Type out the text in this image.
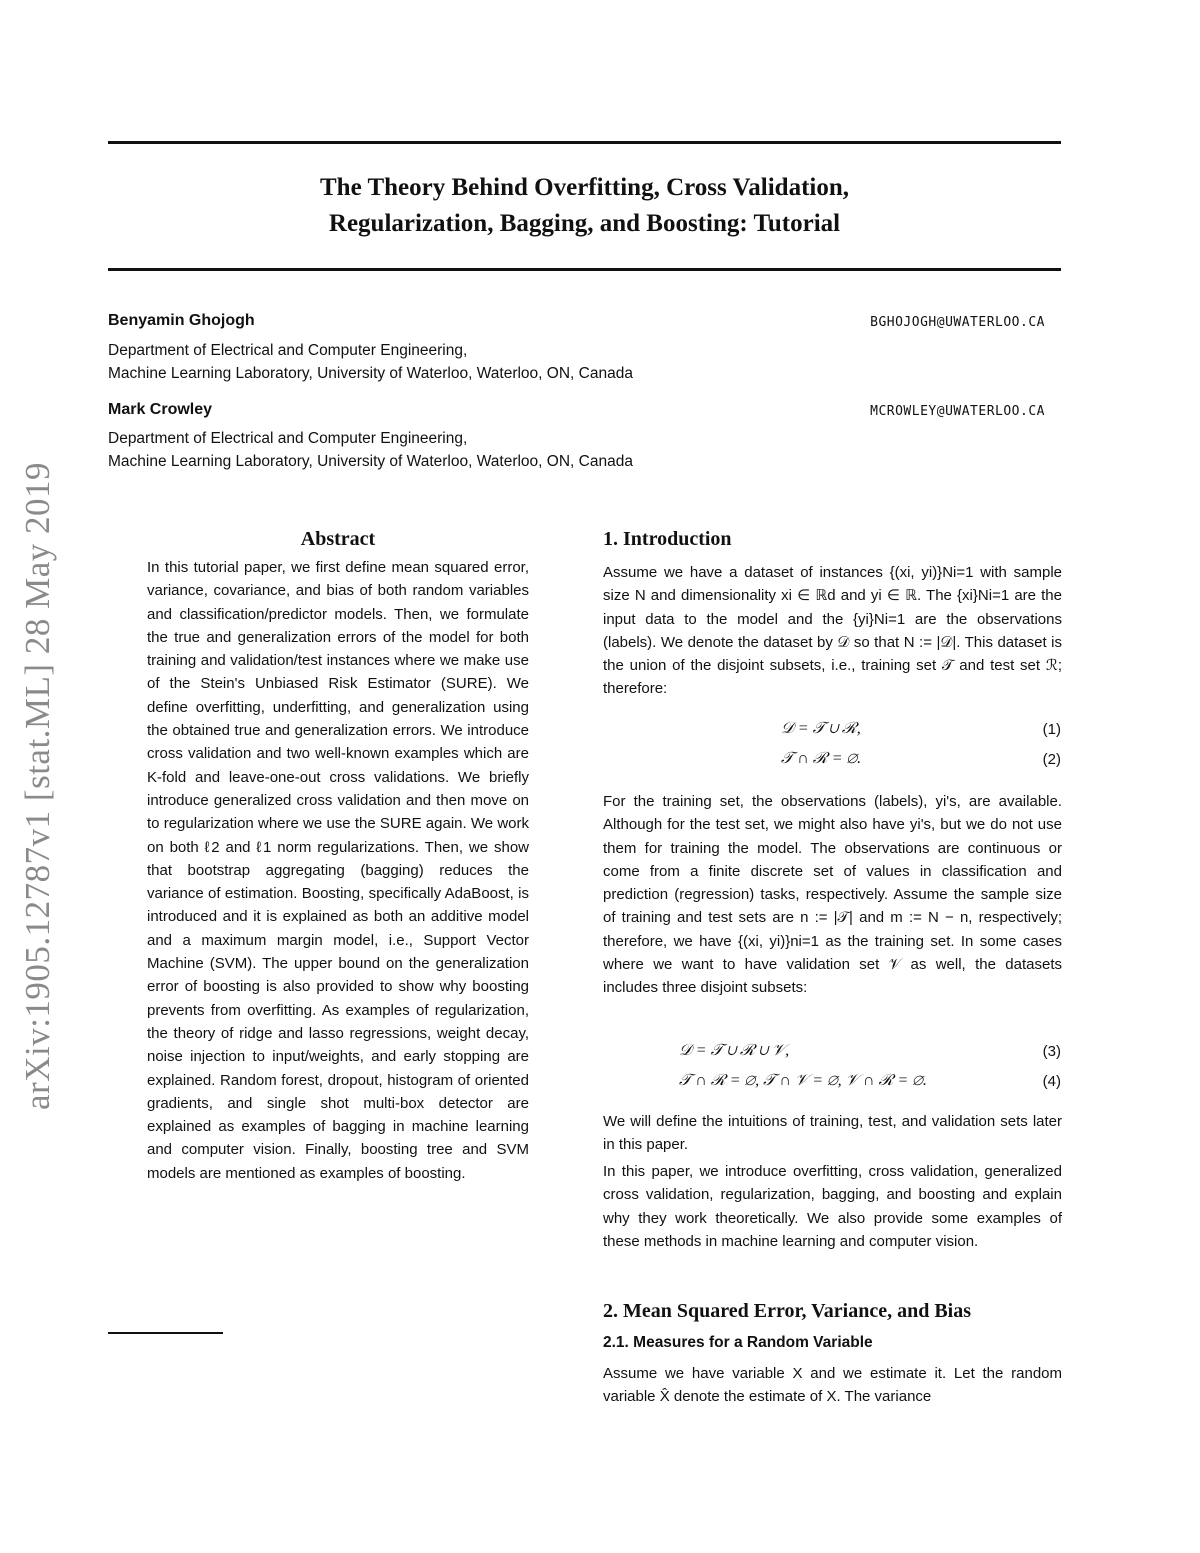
arXiv:1905.12787v1 [stat.ML] 28 May 2019
The Theory Behind Overfitting, Cross Validation,
Regularization, Bagging, and Boosting: Tutorial
Benyamin Ghojogh	BGHOJOGH@UWATERLOO.CA
Department of Electrical and Computer Engineering,
Machine Learning Laboratory, University of Waterloo, Waterloo, ON, Canada
Mark Crowley	MCROWLEY@UWATERLOO.CA
Department of Electrical and Computer Engineering,
Machine Learning Laboratory, University of Waterloo, Waterloo, ON, Canada
Abstract
In this tutorial paper, we first define mean squared error, variance, covariance, and bias of both random variables and classification/predictor models. Then, we formulate the true and generalization errors of the model for both training and validation/test instances where we make use of the Stein's Unbiased Risk Estimator (SURE). We define overfitting, underfitting, and generalization using the obtained true and generalization errors. We introduce cross validation and two well-known examples which are K-fold and leave-one-out cross validations. We briefly introduce generalized cross validation and then move on to regularization where we use the SURE again. We work on both ℓ2 and ℓ1 norm regularizations. Then, we show that bootstrap aggregating (bagging) reduces the variance of estimation. Boosting, specifically AdaBoost, is introduced and it is explained as both an additive model and a maximum margin model, i.e., Support Vector Machine (SVM). The upper bound on the generalization error of boosting is also provided to show why boosting prevents from overfitting. As examples of regularization, the theory of ridge and lasso regressions, weight decay, noise injection to input/weights, and early stopping are explained. Random forest, dropout, histogram of oriented gradients, and single shot multi-box detector are explained as examples of bagging in machine learning and computer vision. Finally, boosting tree and SVM models are mentioned as examples of boosting.
1. Introduction

Assume we have a dataset of instances {(xi, yi)}Ni=1 with sample size N and dimensionality xi ∈ ℝd and yi ∈ ℝ. The {xi}Ni=1 are the input data to the model and the {yi}Ni=1 are the observations (labels). We denote the dataset by 𝒟 so that N := |𝒟|. This dataset is the union of the disjoint subsets, i.e., training set 𝒯 and test set ℛ; therefore:

𝒟 = 𝒯 ∪ ℛ,	(1)
𝒯 ∩ ℛ = ∅.	(2)

For the training set, the observations (labels), yi's, are available. Although for the test set, we might also have yi's, but we do not use them for training the model. The observations are continuous or come from a finite discrete set of values in classification and prediction (regression) tasks, respectively. Assume the sample size of training and test sets are n := |𝒯| and m := N − n, respectively; therefore, we have {(xi, yi)}ni=1 as the training set. In some cases where we want to have validation set 𝒱 as well, the datasets includes three disjoint subsets:

𝒟 = 𝒯 ∪ ℛ ∪ 𝒱,	(3)
𝒯 ∩ ℛ = ∅, 𝒯 ∩ 𝒱 = ∅, 𝒱 ∩ ℛ = ∅.	(4)

We will define the intuitions of training, test, and validation sets later in this paper.

In this paper, we introduce overfitting, cross validation, generalized cross validation, regularization, bagging, and boosting and explain why they work theoretically. We also provide some examples of these methods in machine learning and computer vision.

2. Mean Squared Error, Variance, and Bias
2.1. Measures for a Random Variable

Assume we have variable X and we estimate it. Let the random variable X̂ denote the estimate of X. The variance
